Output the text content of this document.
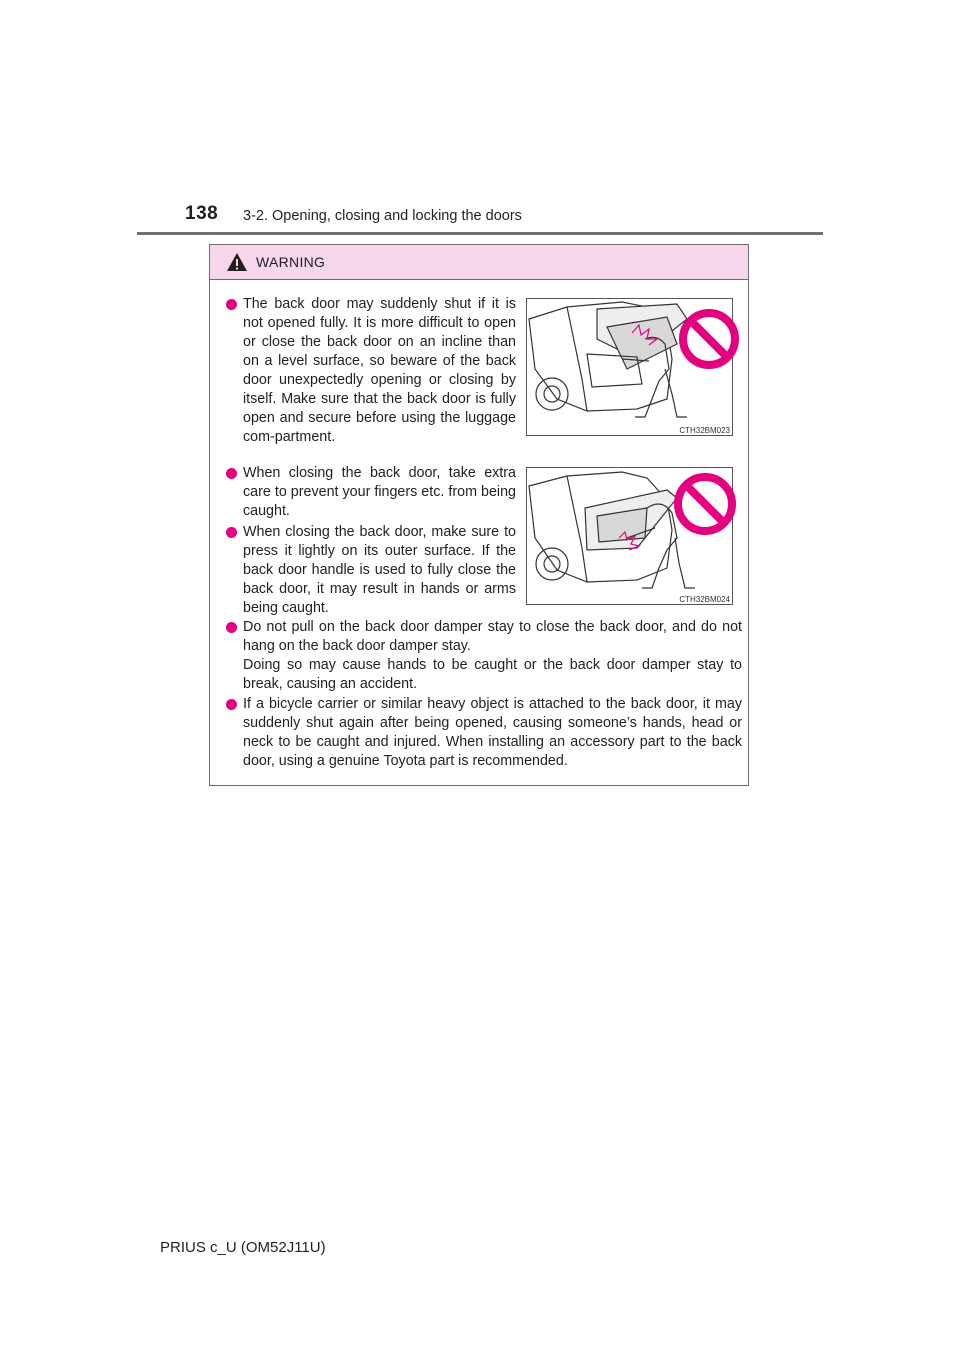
138 3-2. Opening, closing and locking the doors
WARNING
The back door may suddenly shut if it is not opened fully. It is more difficult to open or close the back door on an incline than on a level surface, so beware of the back door unexpectedly opening or closing by itself. Make sure that the back door is fully open and secure before using the luggage com-partment.	CTH32BM023
When closing the back door, take extra care to prevent your fingers etc. from being caught.
When closing the back door, make sure to press it lightly on its outer surface. If the back door handle is used to fully close the back door, it may result in hands or arms being caught.
CTH32BM024
Do not pull on the back door damper stay to close the back door, and do not hang on the back door damper stay.
Doing so may cause hands to be caught or the back door damper stay to break, causing an accident.
If a bicycle carrier or similar heavy object is attached to the back door, it may suddenly shut again after being opened, causing someone’s hands, head or neck to be caught and injured. When installing an accessory part to the back door, using a genuine Toyota part is recommended.
PRIUS c_U (OM52J11U)
